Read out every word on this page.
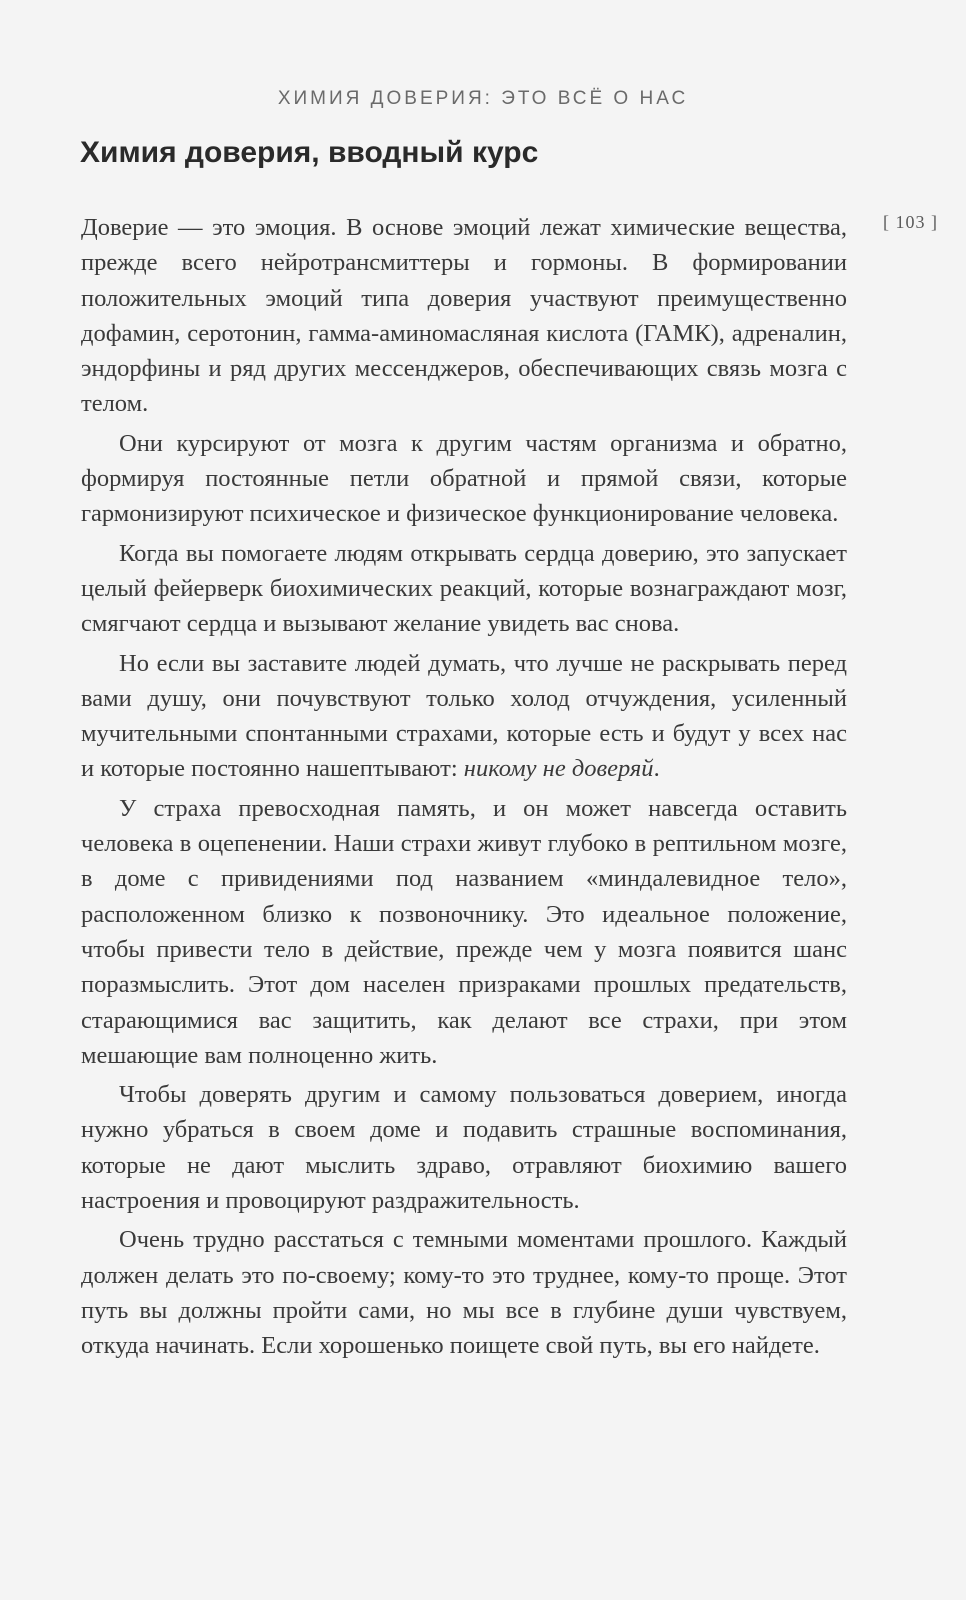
ХИМИЯ ДОВЕРИЯ: ЭТО ВСЁ О НАС
[ 103 ]
Химия доверия, вводный курс

Доверие — это эмоция. В основе эмоций лежат химические вещества, прежде всего нейротрансмиттеры и гормоны. В формировании положительных эмоций типа доверия участвуют преимущественно дофамин, серотонин, гамма-аминомасляная кислота (ГАМК), адреналин, эндорфины и ряд других мессенджеров, обеспечивающих связь мозга с телом.

Они курсируют от мозга к другим частям организма и обратно, формируя постоянные петли обратной и прямой связи, которые гармонизируют психическое и физическое функционирование человека.

Когда вы помогаете людям открывать сердца доверию, это запускает целый фейерверк биохимических реакций, которые вознаграждают мозг, смягчают сердца и вызывают желание увидеть вас снова.

Но если вы заставите людей думать, что лучше не раскрывать перед вами душу, они почувствуют только холод отчуждения, усиленный мучительными спонтанными страхами, которые есть и будут у всех нас и которые постоянно нашептывают: никому не доверяй.

У страха превосходная память, и он может навсегда оставить человека в оцепенении. Наши страхи живут глубоко в рептильном мозге, в доме с привидениями под названием «миндалевидное тело», расположенном близко к позвоночнику. Это идеальное положение, чтобы привести тело в действие, прежде чем у мозга появится шанс поразмыслить. Этот дом населен призраками прошлых предательств, старающимися вас защитить, как делают все страхи, при этом мешающие вам полноценно жить.

Чтобы доверять другим и самому пользоваться доверием, иногда нужно убраться в своем доме и подавить страшные воспоминания, которые не дают мыслить здраво, отравляют биохимию вашего настроения и провоцируют раздражительность.

Очень трудно расстаться с темными моментами прошлого. Каждый должен делать это по-своему; кому-то это труднее, кому-то проще. Этот путь вы должны пройти сами, но мы все в глубине души чувствуем, откуда начинать. Если хорошенько поищете свой путь, вы его найдете.
